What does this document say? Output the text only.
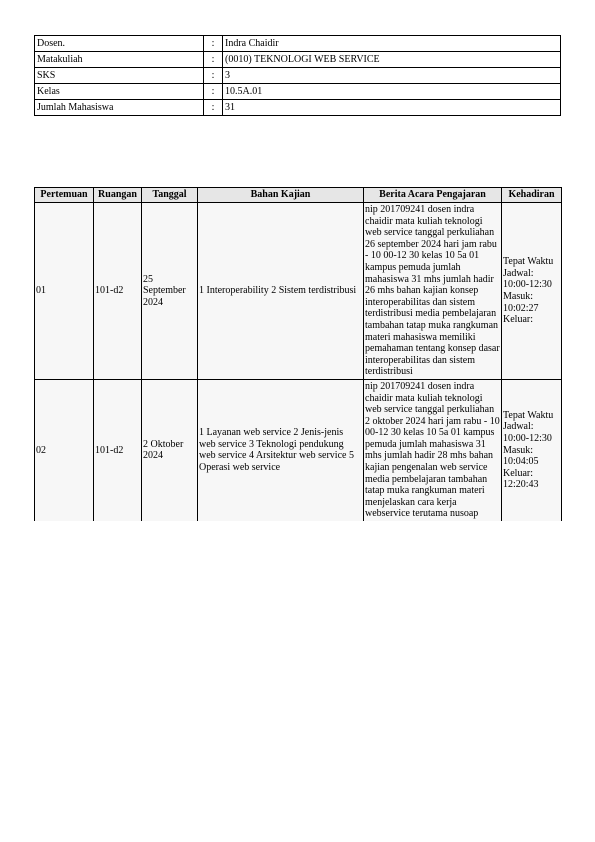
Dosen.	:	Indra Chaidir
Matakuliah	:	(0010) TEKNOLOGI WEB SERVICE
SKS	:	3
Kelas	:	10.5A.01
Jumlah Mahasiswa	:	31
Pertemuan	Ruangan	Tanggal	Bahan Kajian	Berita Acara Pengajaran	Kehadiran
01	101-d2	25 September 2024	1 Interoperability 2 Sistem terdistribusi	nip 201709241 dosen indra chaidir mata kuliah teknologi web service tanggal perkuliahan 26 september 2024 hari jam rabu - 10 00-12 30 kelas 10 5a 01 kampus pemuda jumlah mahasiswa 31 mhs jumlah hadir 26 mhs bahan kajian konsep interoperabilitas dan sistem terdistribusi media pembelajaran tambahan tatap muka rangkuman materi mahasiswa memiliki pemahaman tentang konsep dasar interoperabilitas dan sistem terdistribusi	Tepat Waktu Jadwal: 10:00-12:30 Masuk: 10:02:27 Keluar:
02	101-d2	2 Oktober 2024	1 Layanan web service 2 Jenis-jenis web service 3 Teknologi pendukung web service 4 Arsitektur web service 5 Operasi web service	nip 201709241 dosen indra chaidir mata kuliah teknologi web service tanggal perkuliahan 2 oktober 2024 hari jam rabu - 10 00-12 30 kelas 10 5a 01 kampus pemuda jumlah mahasiswa 31 mhs jumlah hadir 28 mhs bahan kajian pengenalan web service media pembelajaran tambahan tatap muka rangkuman materi menjelaskan cara kerja webservice terutama nusoap	Tepat Waktu Jadwal: 10:00-12:30 Masuk: 10:04:05 Keluar: 12:20:43
